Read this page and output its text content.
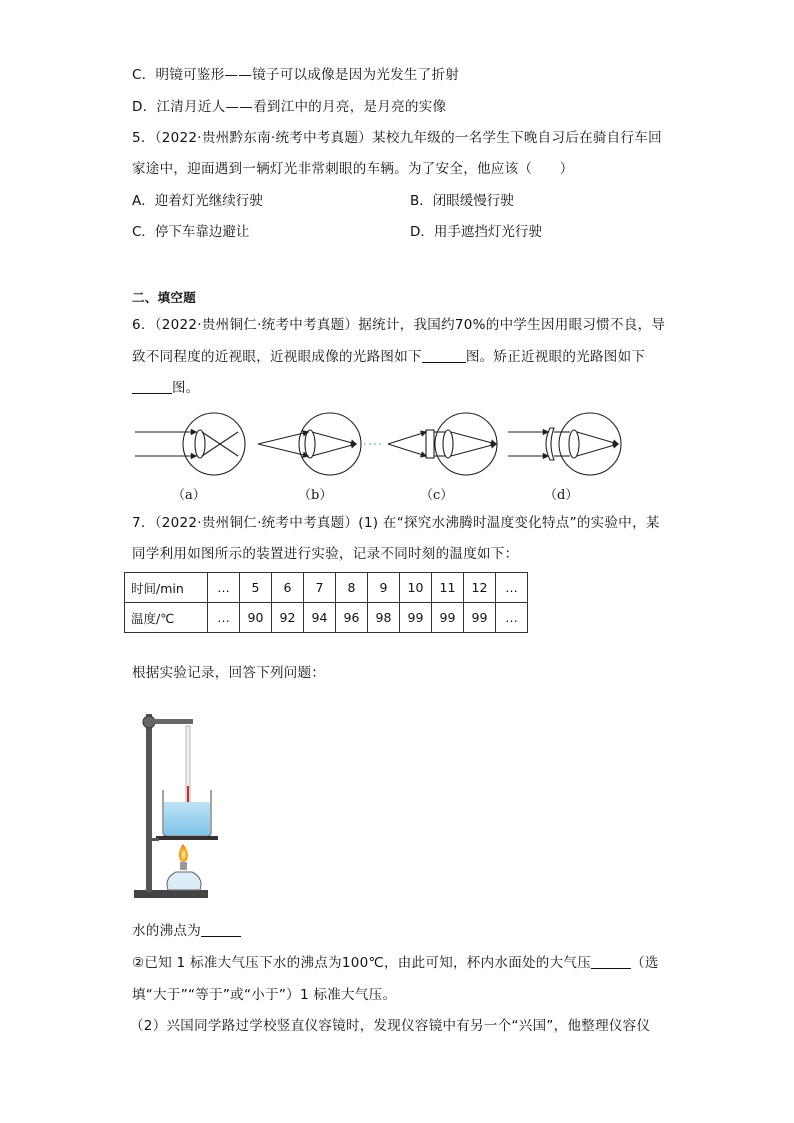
C．明镜可鉴形——镜子可以成像是因为光发生了折射
D．江清月近人——看到江中的月亮，是月亮的实像
5．（2022·贵州黔东南·统考中考真题）某校九年级的一名学生下晚自习后在骑自行车回
家途中，迎面遇到一辆灯光非常刺眼的车辆。为了安全，他应该（　　）
A．迎着灯光继续行驶	B．闭眼缓慢行驶
C．停下车靠边避让	D．用手遮挡灯光行驶
二、填空题
6．（2022·贵州铜仁·统考中考真题）据统计，我国约70%的中学生因用眼习惯不良，导
致不同程度的近视眼，近视眼成像的光路图如下	图。矫正近视眼的光路图如下
图。
（a）	（b）	（c）	（d）
7．（2022·贵州铜仁·统考中考真题）(1) 在“探究水沸腾时温度变化特点”的实验中，某
同学利用如图所示的装置进行实验，记录不同时刻的温度如下：
时间/min	…	5	6	7	8	9	10	11	12	…
温度/℃	…	90	92	94	96	98	99	99	99	…
根据实验记录，回答下列问题：
水的沸点为
②已知 1 标准大气压下水的沸点为100℃，由此可知，杯内水面处的大气压	（选
填“大于”“等于”或“小于”）1 标准大气压。
（2）兴国同学路过学校竖直仪容镜时，发现仪容镜中有另一个“兴国”，他整理仪容仪
